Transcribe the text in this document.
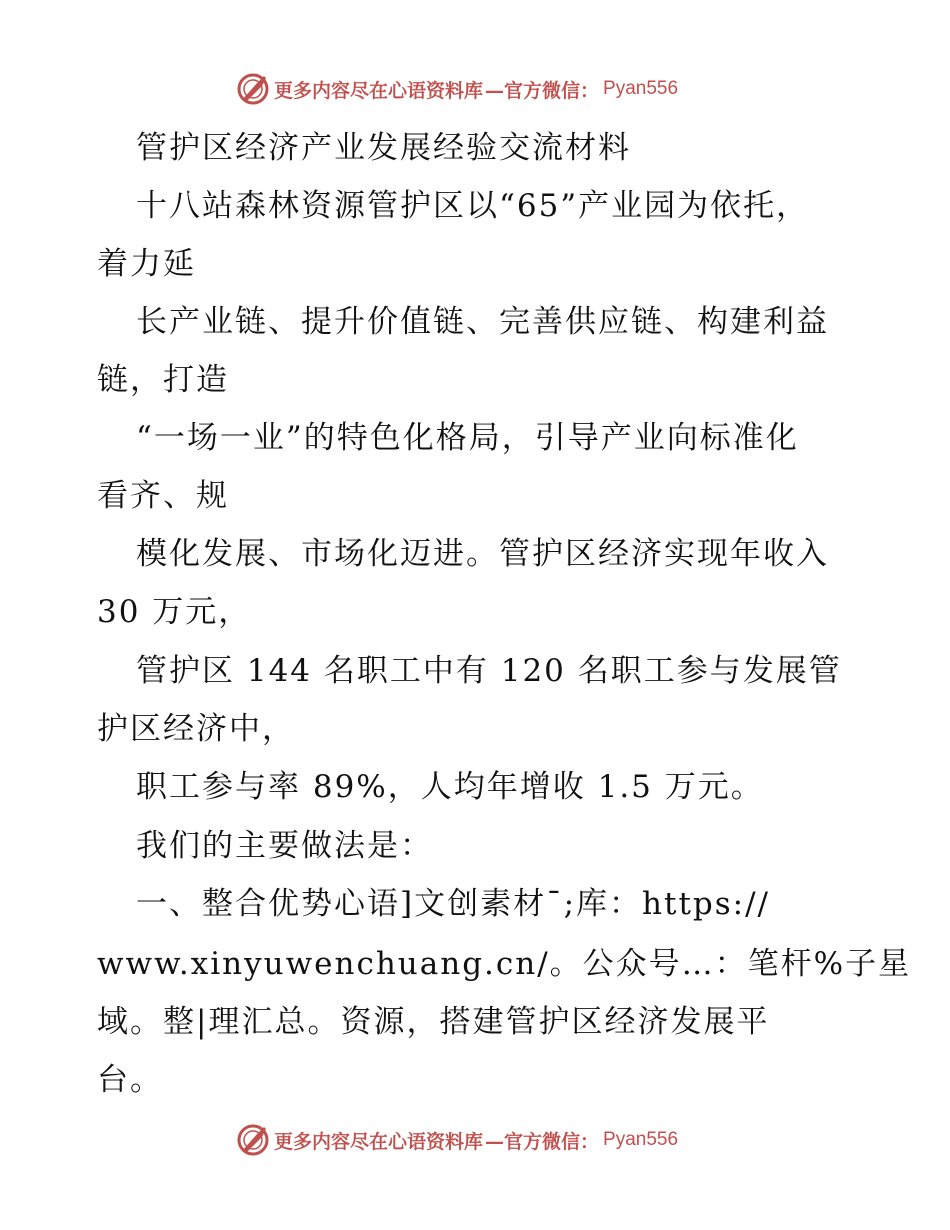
更多内容尽在心语资料库 —官方微信： Pyan556
管护区经济产业发展经验交流材料
十八站森林资源管护区以“65”产业园为依托，
着力延
长产业链、提升价值链、完善供应链、构建利益
链，打造
“一场一业”的特色化格局，引导产业向标准化
看齐、规
模化发展、市场化迈进。管护区经济实现年收入
30 万元，
管护区 144 名职工中有 120 名职工参与发展管
护区经济中，
职工参与率 89%，人均年增收 1.5 万元。
我们的主要做法是：
一、整合优势心语]文创素材¯;库：https://
www.xinyuwenchuang.cn/。公众号…：笔杆%子星
域。整|理汇总。资源，搭建管护区经济发展平
台。
更多内容尽在心语资料库 —官方微信： Pyan556
